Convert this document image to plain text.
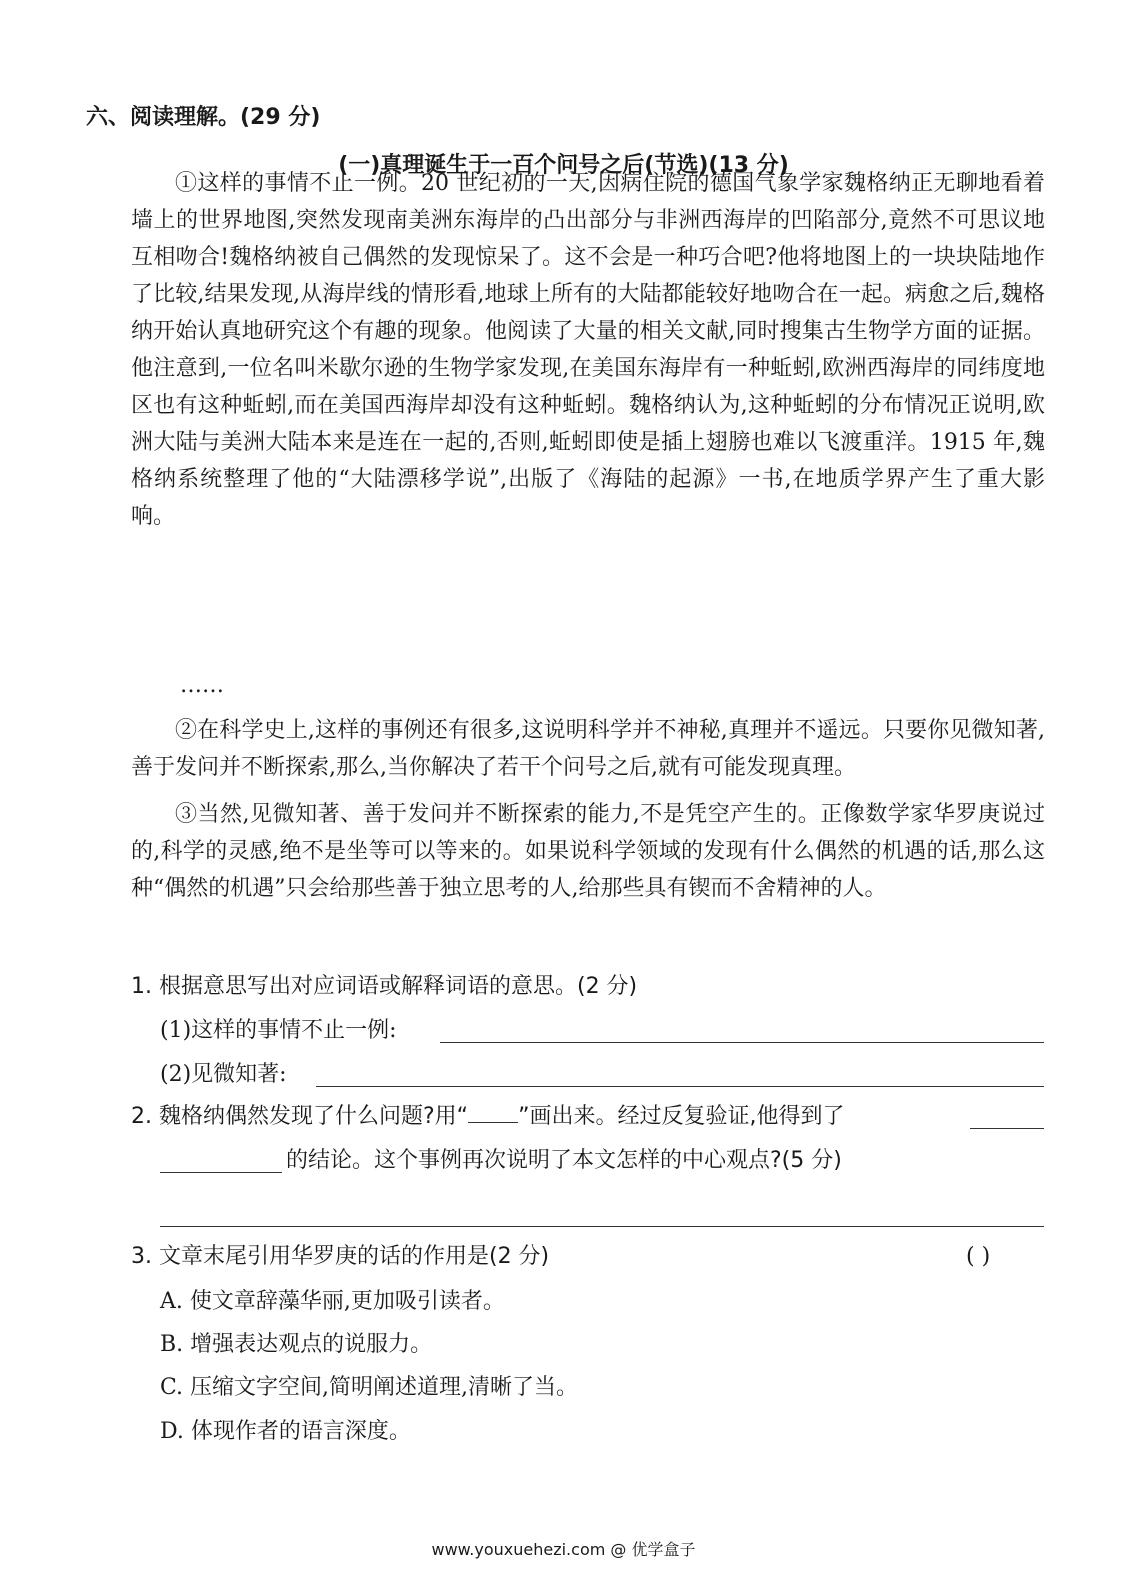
六、阅读理解。(29 分)
(一)真理诞生于一百个问号之后(节选)(13 分)
①这样的事情不止一例。20 世纪初的一天,因病住院的德国气象学家魏格纳正无聊地看着墙上的世界地图,突然发现南美洲东海岸的凸出部分与非洲西海岸的凹陷部分,竟然不可思议地互相吻合!魏格纳被自己偶然的发现惊呆了。这不会是一种巧合吧?他将地图上的一块块陆地作了比较,结果发现,从海岸线的情形看,地球上所有的大陆都能较好地吻合在一起。病愈之后,魏格纳开始认真地研究这个有趣的现象。他阅读了大量的相关文献,同时搜集古生物学方面的证据。他注意到,一位名叫米歇尔逊的生物学家发现,在美国东海岸有一种蚯蚓,欧洲西海岸的同纬度地区也有这种蚯蚓,而在美国西海岸却没有这种蚯蚓。魏格纳认为,这种蚯蚓的分布情况正说明,欧洲大陆与美洲大陆本来是连在一起的,否则,蚯蚓即使是插上翅膀也难以飞渡重洋。1915 年,魏格纳系统整理了他的“大陆漂移学说”,出版了《海陆的起源》一书,在地质学界产生了重大影响。
……
②在科学史上,这样的事例还有很多,这说明科学并不神秘,真理并不遥远。只要你见微知著,善于发问并不断探索,那么,当你解决了若干个问号之后,就有可能发现真理。
③当然,见微知著、善于发问并不断探索的能力,不是凭空产生的。正像数学家华罗庚说过的,科学的灵感,绝不是坐等可以等来的。如果说科学领域的发现有什么偶然的机遇的话,那么这种“偶然的机遇”只会给那些善于独立思考的人,给那些具有锲而不舍精神的人。
1. 根据意思写出对应词语或解释词语的意思。(2 分)
(1)这样的事情不止一例:
(2)见微知著:
2. 魏格纳偶然发现了什么问题?用“ ”画出来。经过反复验证,他得到了
的结论。这个事例再次说明了本文怎样的中心观点?(5 分)
3. 文章末尾引用华罗庚的话的作用是(2 分)	( )
A. 使文章辞藻华丽,更加吸引读者。
B. 增强表达观点的说服力。
C. 压缩文字空间,简明阐述道理,清晰了当。
D. 体现作者的语言深度。
www.youxuehezi.com @ 优学盒子
